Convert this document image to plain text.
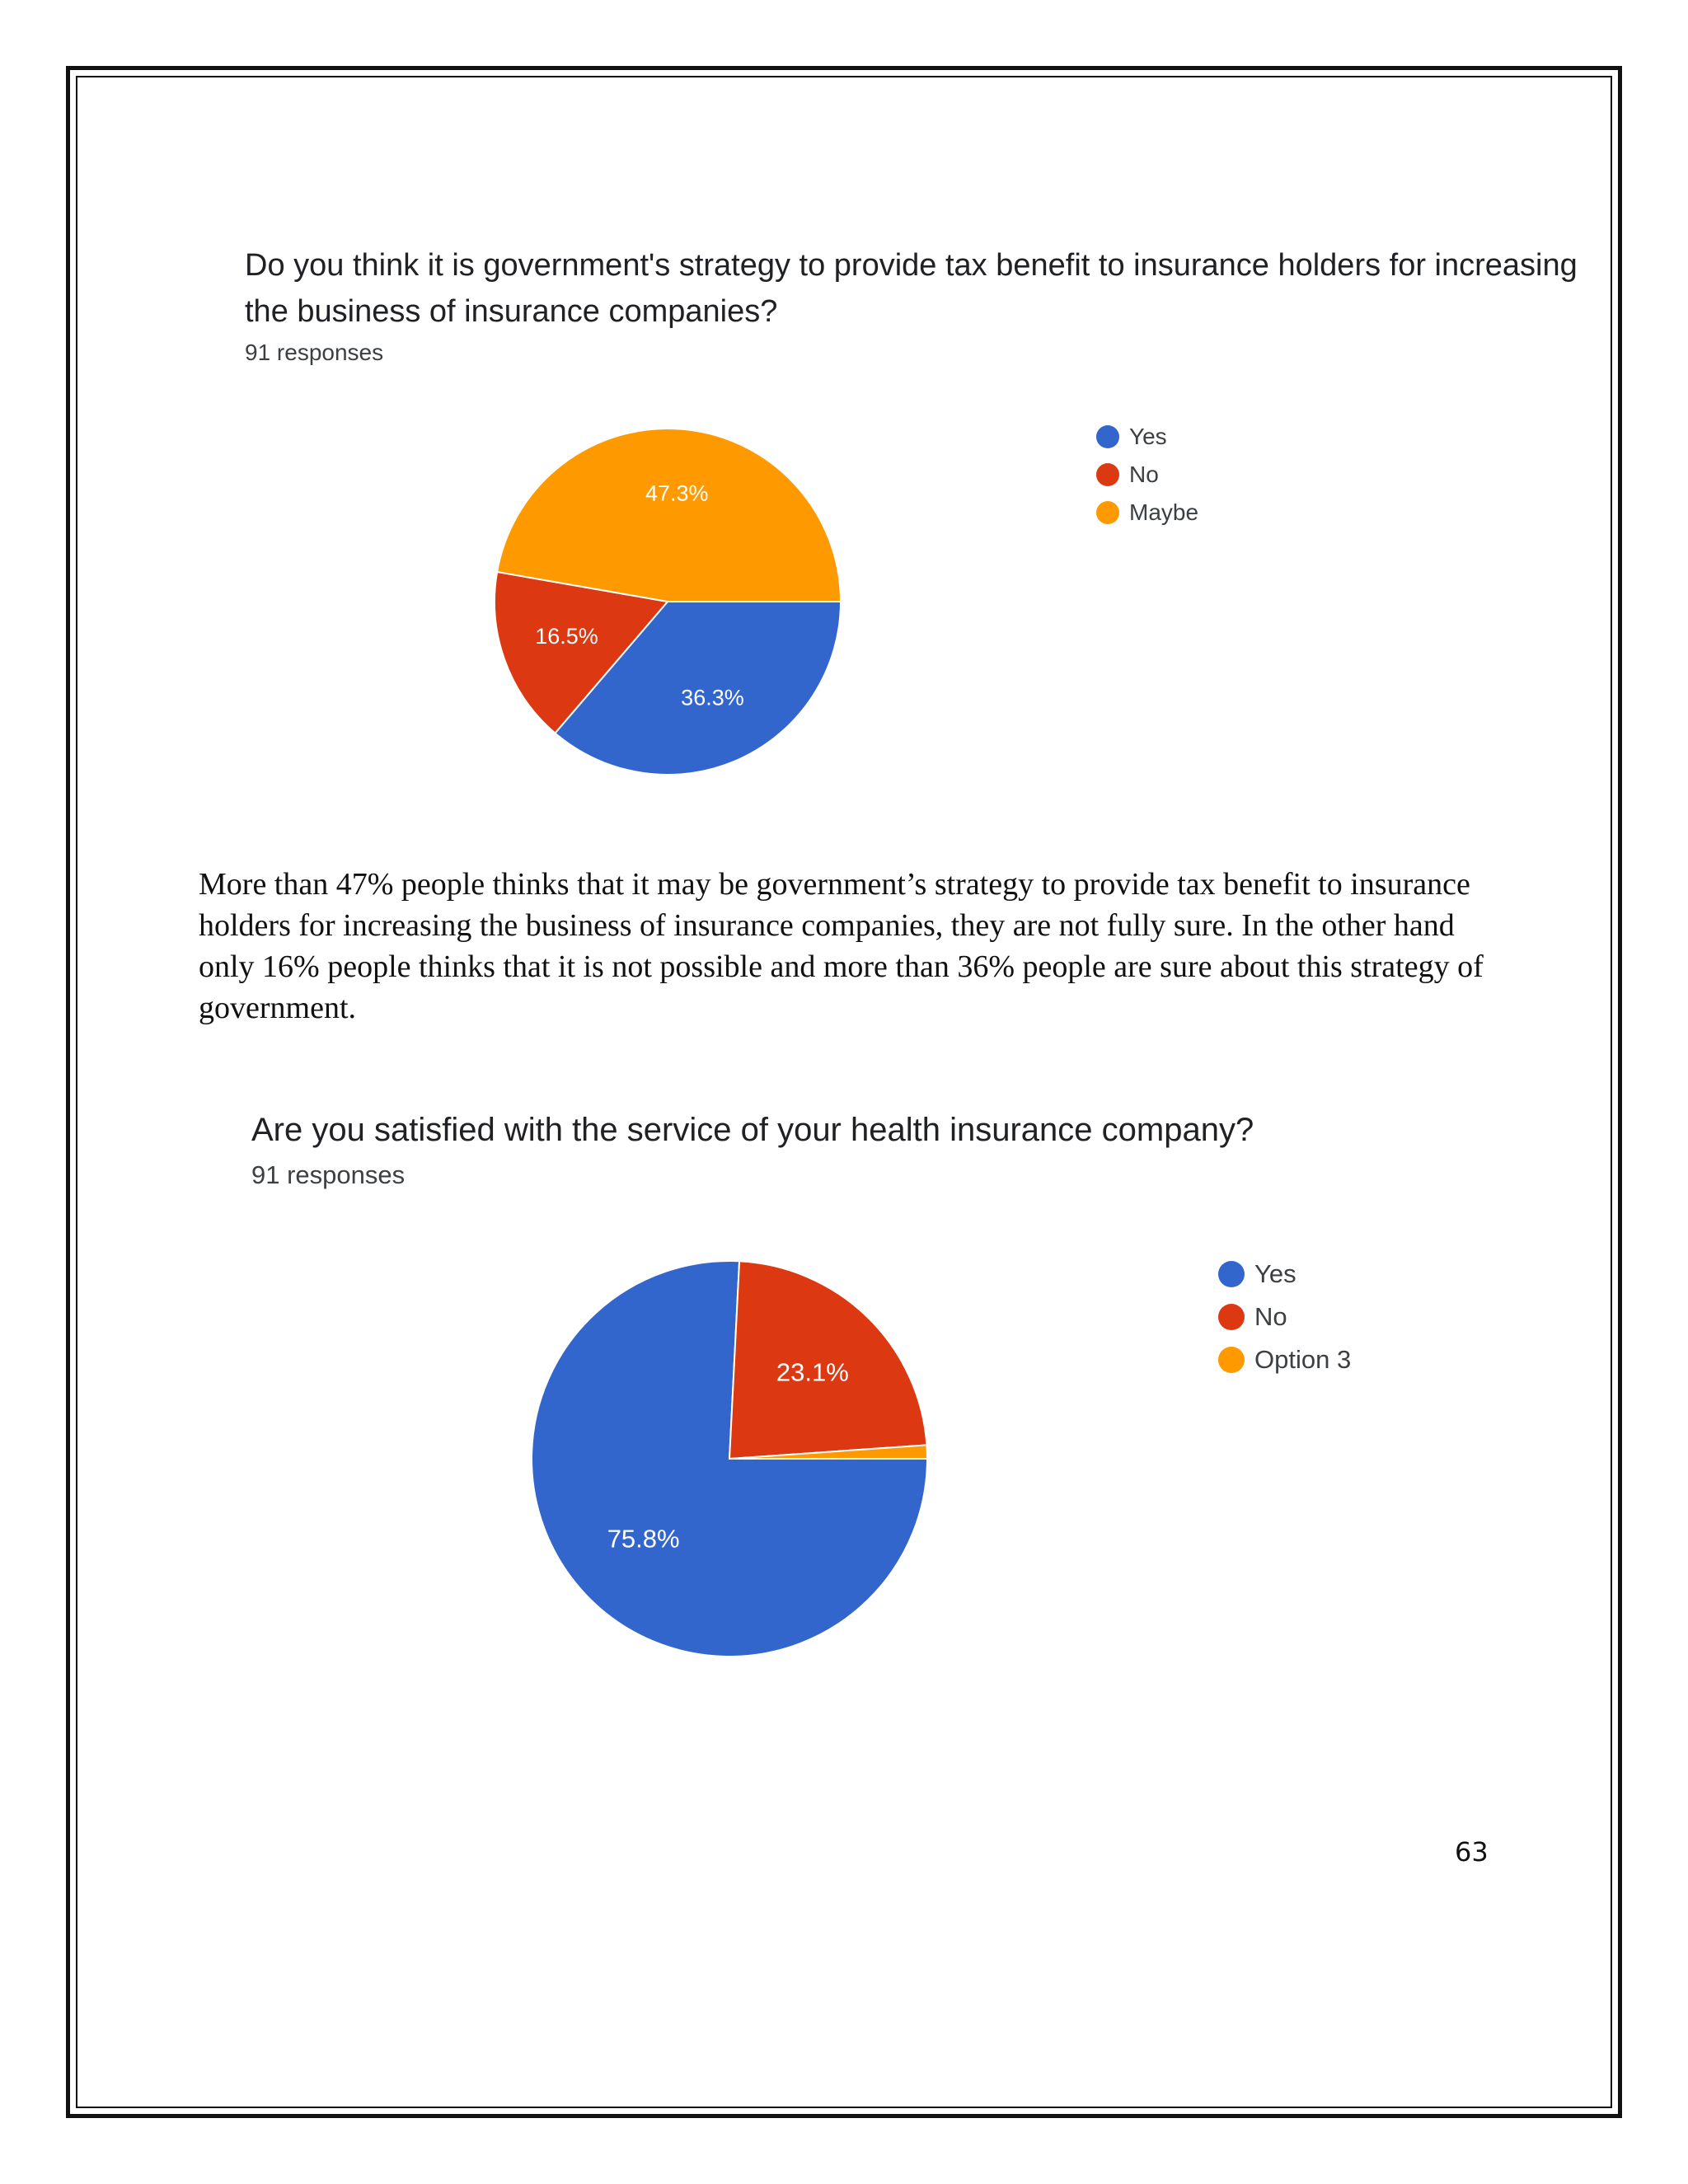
Do you think it is government's strategy to provide tax benefit to insurance holders for increasing the business of insurance companies?

91 responses

36.3%
16.5%
47.3%
Yes
No
Maybe

More than 47% people thinks that it may be government’s strategy to provide tax benefit to insurance holders for increasing the business of insurance companies, they are not fully sure. In the other hand only 16% people thinks that it is not possible and more than 36% people are sure about this strategy of government.

Are you satisfied with the service of your health insurance company?

91 responses

75.8%
23.1%
Yes
No
Option 3

63
